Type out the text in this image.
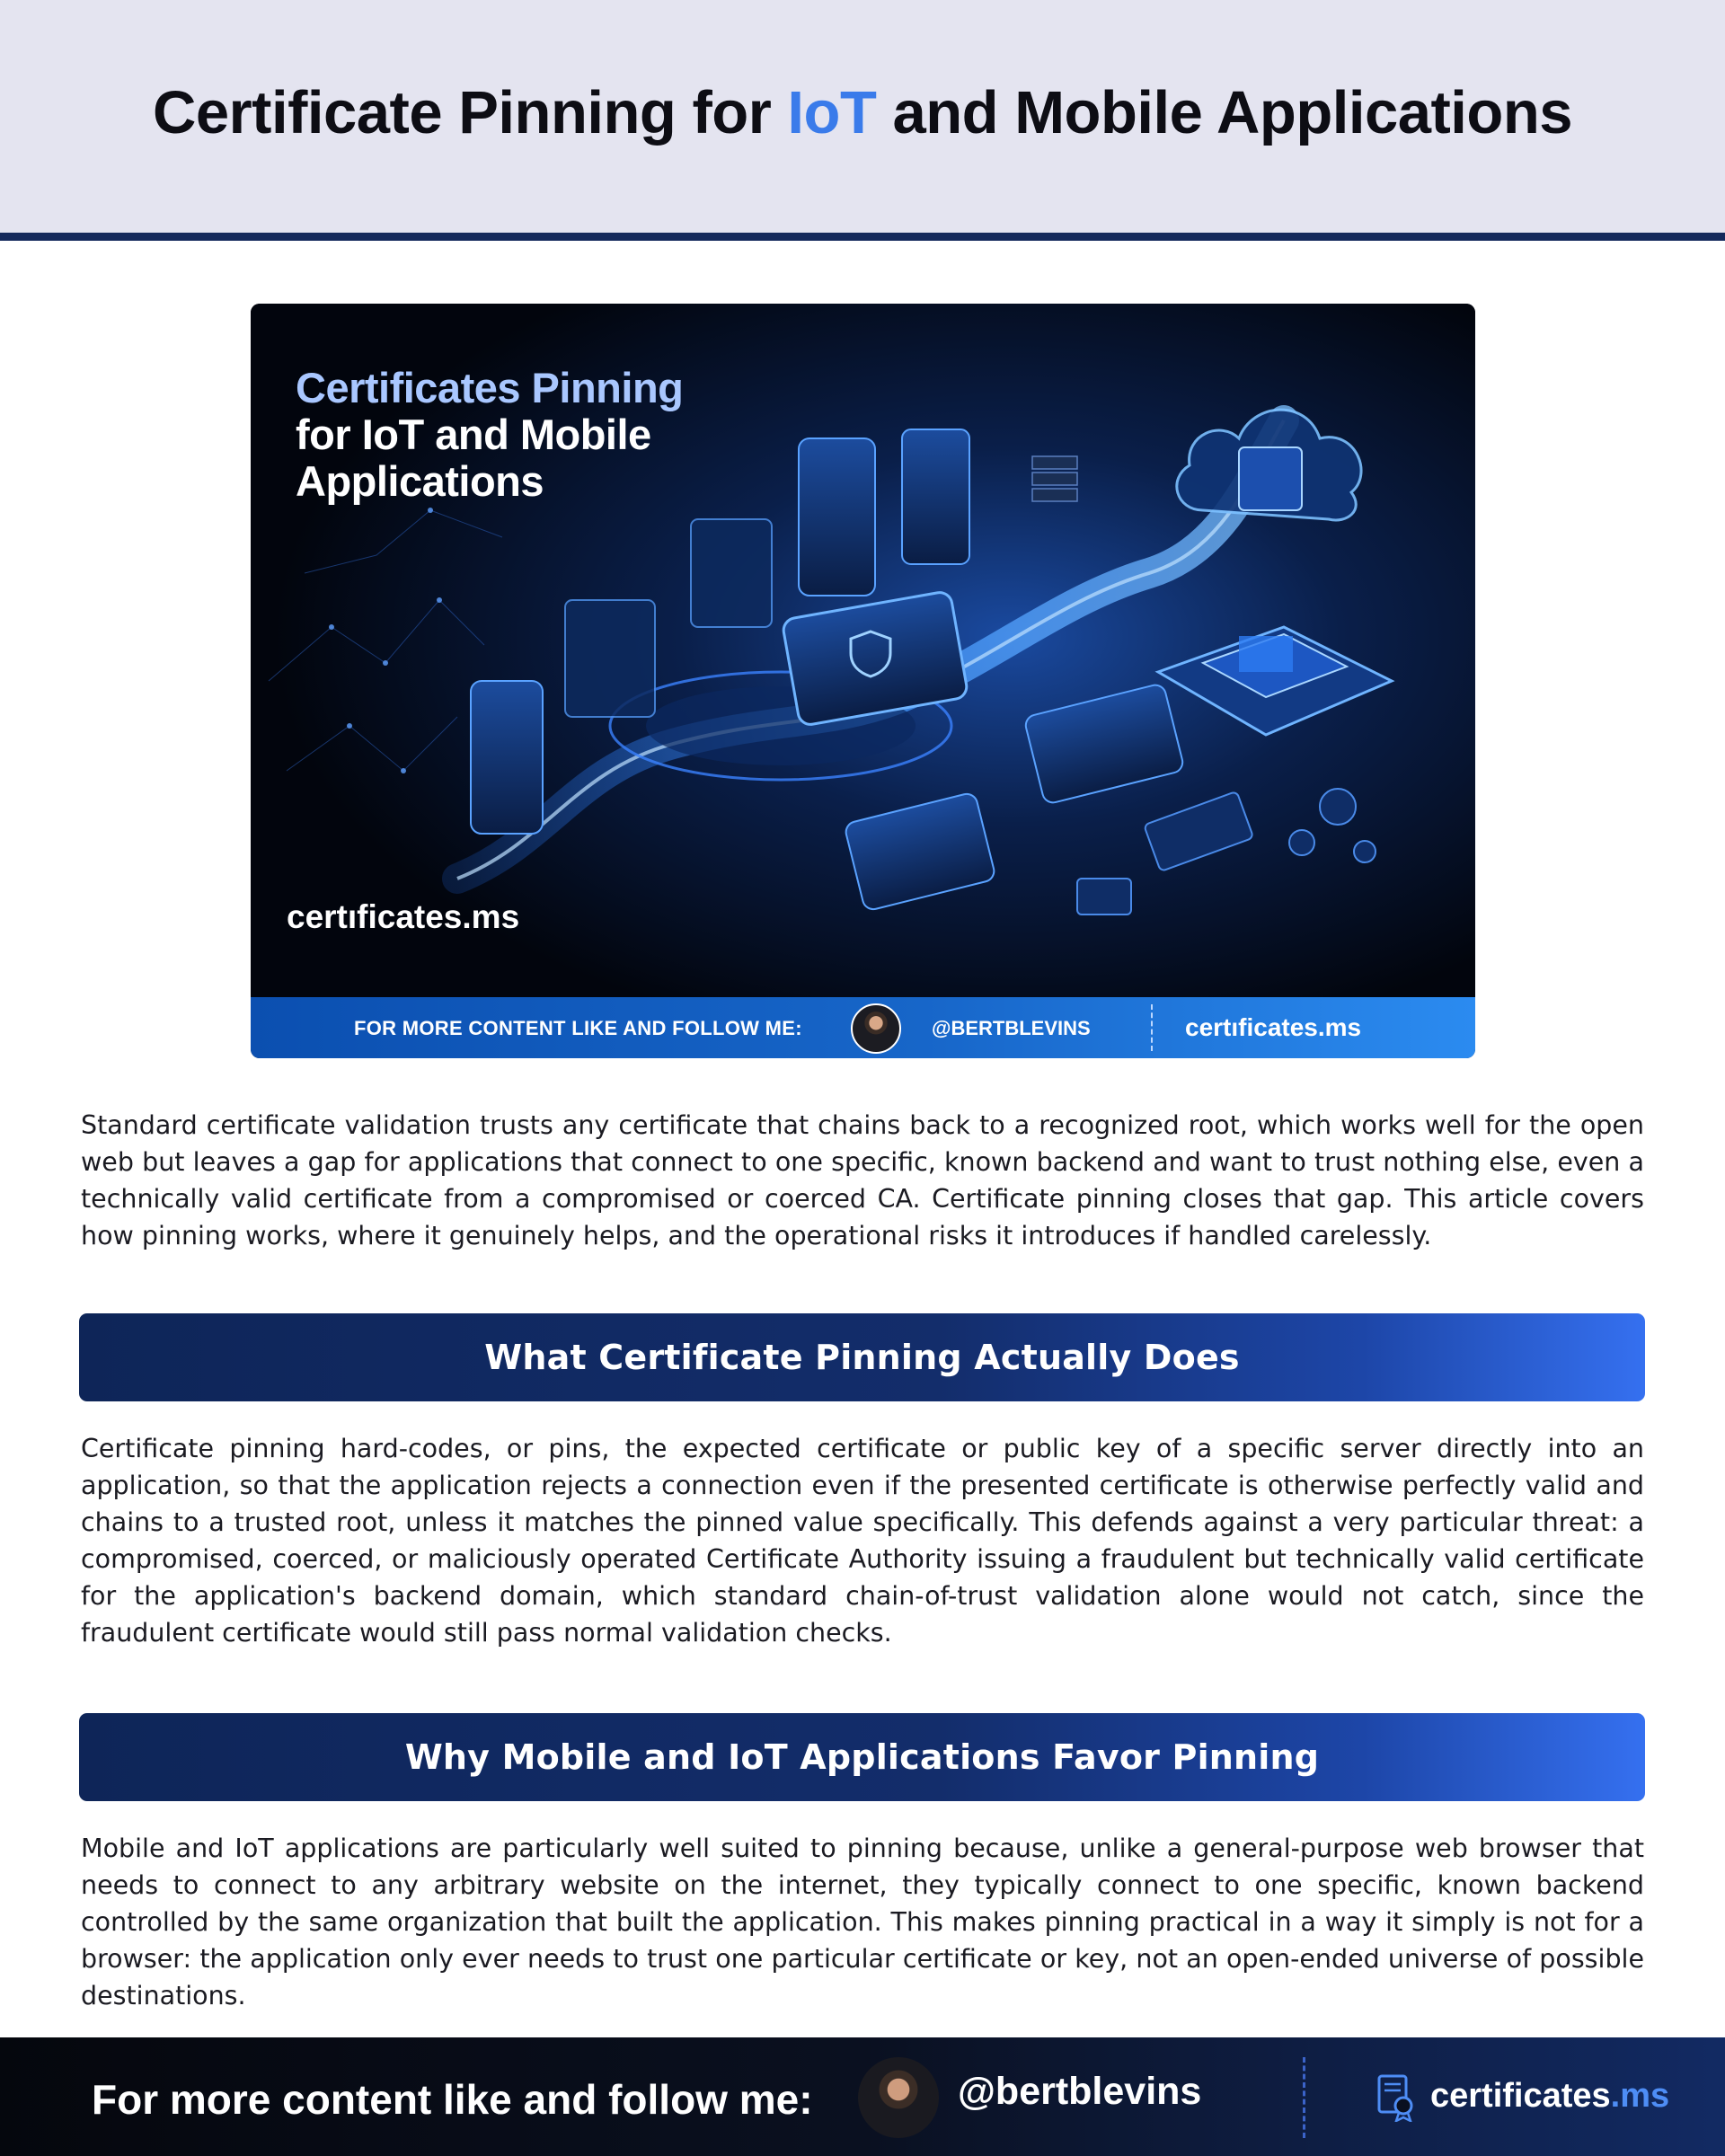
Certificate Pinning for IoT and Mobile Applications
Certificates Pinning
for IoT and Mobile
Applications
certıficates.ms
FOR MORE CONTENT LIKE AND FOLLOW ME:	@BERTBLEVINS	certıficates.ms

Standard certificate validation trusts any certificate that chains back to a recognized root, which works well for the open web but leaves a gap for applications that connect to one specific, known backend and want to trust nothing else, even a technically valid certificate from a compromised or coerced CA. Certificate pinning closes that gap. This article covers how pinning works, where it genuinely helps, and the operational risks it introduces if handled carelessly.

What Certificate Pinning Actually Does

Certificate pinning hard-codes, or pins, the expected certificate or public key of a specific server directly into an application, so that the application rejects a connection even if the presented certificate is otherwise perfectly valid and chains to a trusted root, unless it matches the pinned value specifically. This defends against a very particular threat: a compromised, coerced, or maliciously operated Certificate Authority issuing a fraudulent but technically valid certificate for the application's backend domain, which standard chain-of-trust validation alone would not catch, since the fraudulent certificate would still pass normal validation checks.

Why Mobile and IoT Applications Favor Pinning

Mobile and IoT applications are particularly well suited to pinning because, unlike a general-purpose web browser that needs to connect to any arbitrary website on the internet, they typically connect to one specific, known backend controlled by the same organization that built the application. This makes pinning practical in a way it simply is not for a browser: the application only ever needs to trust one particular certificate or key, not an open-ended universe of possible destinations.

For more content like and follow me:	@bertblevins	certificates.ms
